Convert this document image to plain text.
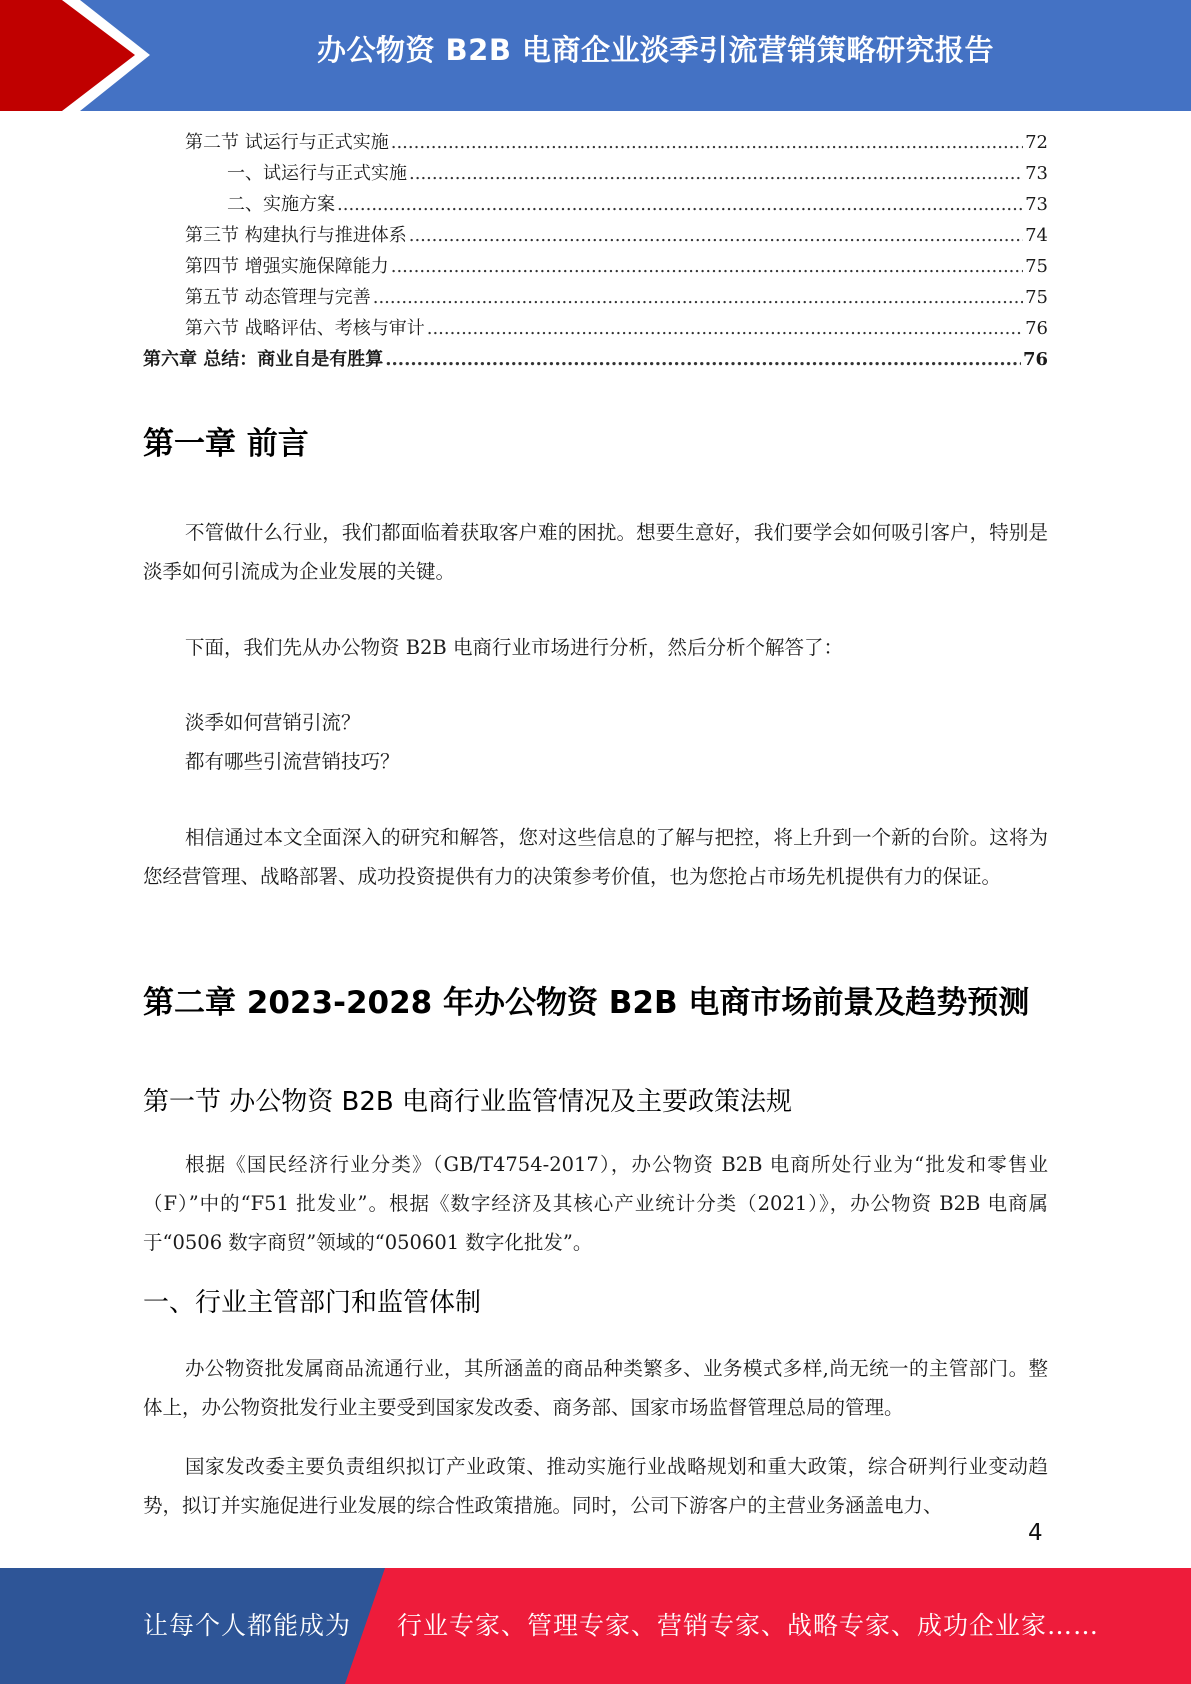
办公物资 B2B 电商企业淡季引流营销策略研究报告
第二节 试运行与正式实施 .....	72
一、试运行与正式实施 .....	73
二、实施方案 .....	73
第三节 构建执行与推进体系 .....	74
第四节 增强实施保障能力 .....	75
第五节 动态管理与完善 .....	75
第六节 战略评估、考核与审计 .....	76
第六章 总结：商业自是有胜算 .....	76
第一章 前言

不管做什么行业，我们都面临着获取客户难的困扰。想要生意好，我们要学会如何吸引客户，特别是淡季如何引流成为企业发展的关键。

下面，我们先从办公物资 B2B 电商行业市场进行分析，然后分析个解答了：

淡季如何营销引流？

都有哪些引流营销技巧？

相信通过本文全面深入的研究和解答，您对这些信息的了解与把控，将上升到一个新的台阶。这将为您经营管理、战略部署、成功投资提供有力的决策参考价值，也为您抢占市场先机提供有力的保证。

第二章 2023-2028 年办公物资 B2B 电商市场前景及趋势预测
第一节 办公物资 B2B 电商行业监管情况及主要政策法规

根据《国民经济行业分类》（GB/T4754-2017），办公物资 B2B 电商所处行业为“批发和零售业（F）”中的“F51 批发业”。根据《数字经济及其核心产业统计分类（2021）》，办公物资 B2B 电商属于“0506 数字商贸”领域的“050601 数字化批发”。

一、行业主管部门和监管体制

办公物资批发属商品流通行业，其所涵盖的商品种类繁多、业务模式多样,尚无统一的主管部门。整体上，办公物资批发行业主要受到国家发改委、商务部、国家市场监督管理总局的管理。

国家发改委主要负责组织拟订产业政策、推动实施行业战略规划和重大政策，综合研判行业变动趋势，拟订并实施促进行业发展的综合性政策措施。同时，公司下游客户的主营业务涵盖电力、

4
让每个人都能成为 行业专家、管理专家、营销专家、战略专家、成功企业家……
